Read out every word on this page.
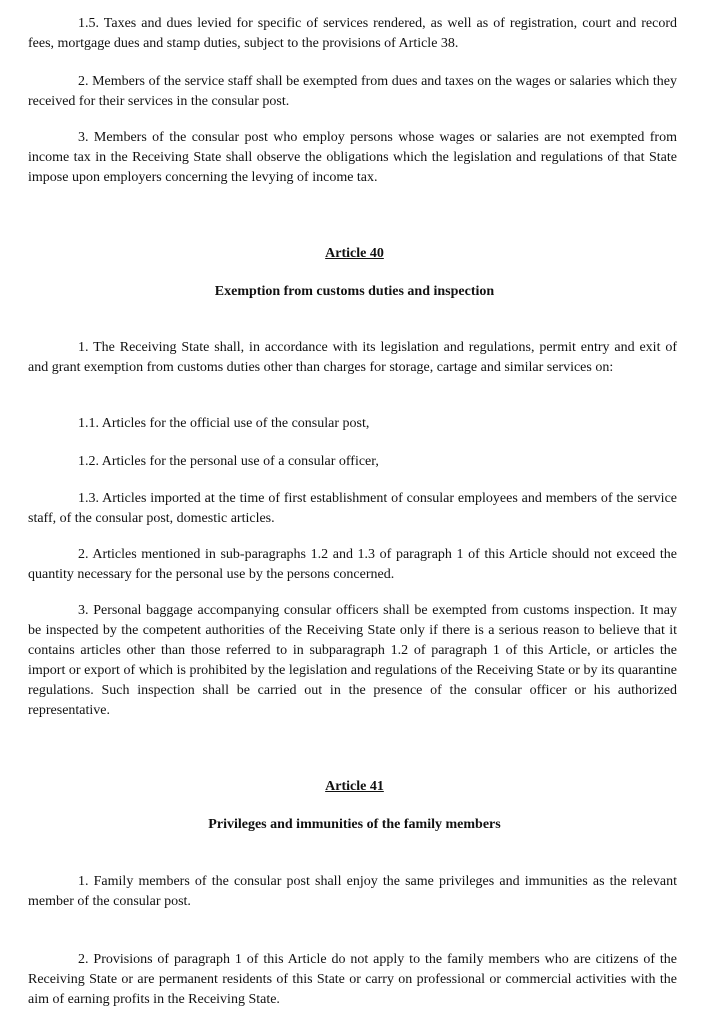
1.5. Taxes and dues levied for specific of services rendered, as well as of registration, court and record fees, mortgage dues and stamp duties, subject to the provisions of Article 38.

2. Members of the service staff shall be exempted from dues and taxes on the wages or salaries which they received for their services in the consular post.

3. Members of the consular post who employ persons whose wages or salaries are not exempted from income tax in the Receiving State shall observe the obligations which the legislation and regulations of that State impose upon employers concerning the levying of income tax.

Article 40
Exemption from customs duties and inspection

1. The Receiving State shall, in accordance with its legislation and regulations, permit entry and exit of and grant exemption from customs duties other than charges for storage, cartage and similar services on:

1.1. Articles for the official use of the consular post,

1.2. Articles for the personal use of a consular officer,

1.3. Articles imported at the time of first establishment of consular employees and members of the service staff, of the consular post, domestic articles.

2. Articles mentioned in sub-paragraphs 1.2 and 1.3 of paragraph 1 of this Article should not exceed the quantity necessary for the personal use by the persons concerned.

3. Personal baggage accompanying consular officers shall be exempted from customs inspection. It may be inspected by the competent authorities of the Receiving State only if there is a serious reason to believe that it contains articles other than those referred to in subparagraph 1.2 of paragraph 1 of this Article, or articles the import or export of which is prohibited by the legislation and regulations of the Receiving State or by its quarantine regulations. Such inspection shall be carried out in the presence of the consular officer or his authorized representative.

Article 41
Privileges and immunities of the family members

1. Family members of the consular post shall enjoy the same privileges and immunities as the relevant member of the consular post.

2. Provisions of paragraph 1 of this Article do not apply to the family members who are citizens of the Receiving State or are permanent residents of this State or carry on professional or commercial activities with the aim of earning profits in the Receiving State.
